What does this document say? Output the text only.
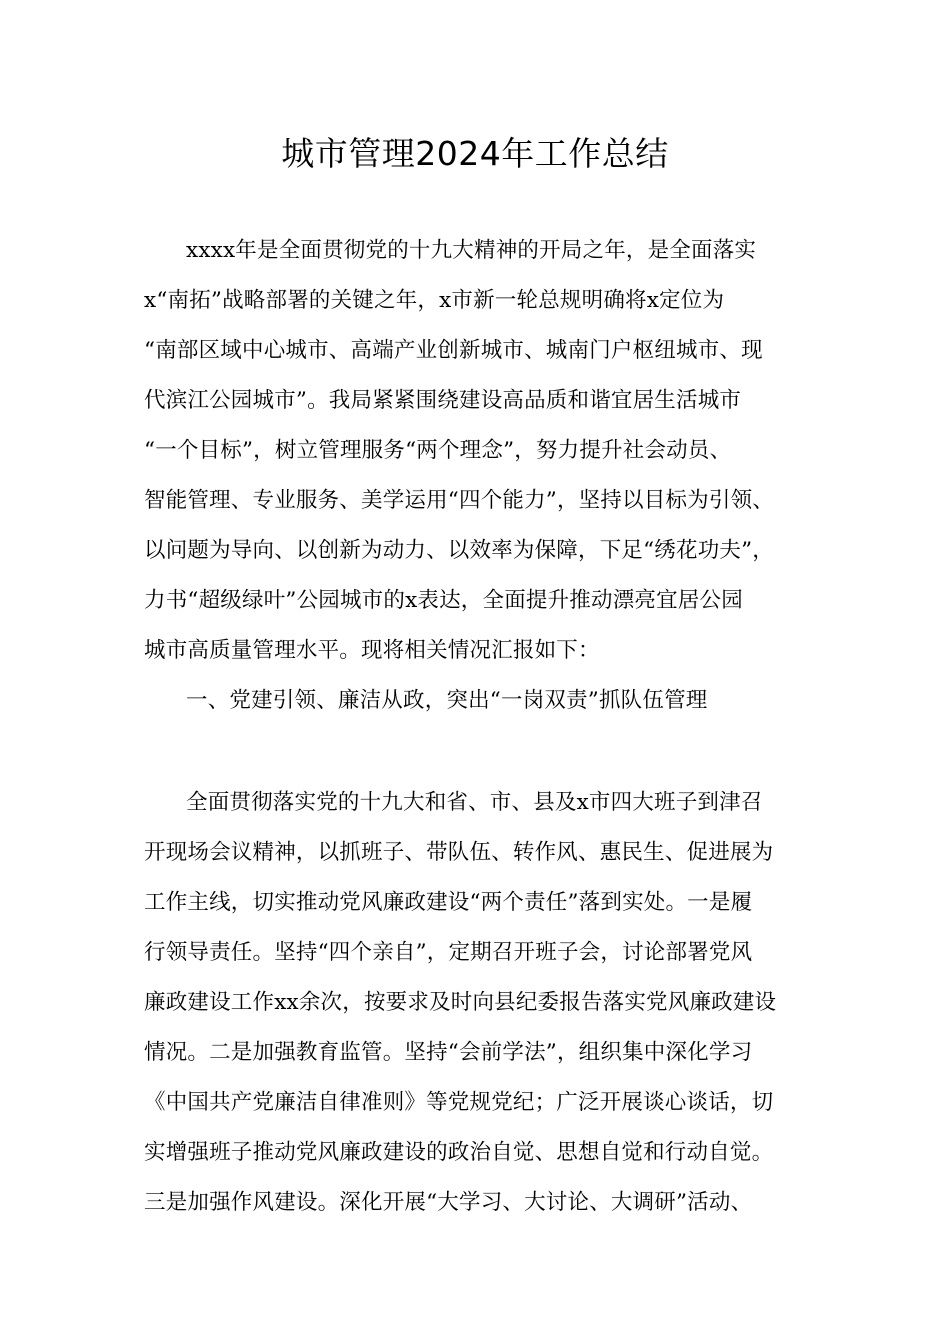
城市管理2024年工作总结
xxxx年是全面贯彻党的十九大精神的开局之年，是全面落实
x“南拓”战略部署的关键之年，x市新一轮总规明确将x定位为
“南部区域中心城市、高端产业创新城市、城南门户枢纽城市、现
代滨江公园城市”。我局紧紧围绕建设高品质和谐宜居生活城市
“一个目标”，树立管理服务“两个理念”，努力提升社会动员、
智能管理、专业服务、美学运用“四个能力”，坚持以目标为引领、
以问题为导向、以创新为动力、以效率为保障，下足“绣花功夫”，
力书“超级绿叶”公园城市的x表达，全面提升推动漂亮宜居公园
城市高质量管理水平。现将相关情况汇报如下：
一、党建引领、廉洁从政，突出“一岗双责”抓队伍管理
全面贯彻落实党的十九大和省、市、县及x市四大班子到津召
开现场会议精神，以抓班子、带队伍、转作风、惠民生、促进展为
工作主线，切实推动党风廉政建设“两个责任”落到实处。一是履
行领导责任。坚持“四个亲自”，定期召开班子会，讨论部署党风
廉政建设工作xx余次，按要求及时向县纪委报告落实党风廉政建设
情况。二是加强教育监管。坚持“会前学法”，组织集中深化学习
《中国共产党廉洁自律准则》等党规党纪；广泛开展谈心谈话，切
实增强班子推动党风廉政建设的政治自觉、思想自觉和行动自觉。
三是加强作风建设。深化开展“大学习、大讨论、大调研”活动、
